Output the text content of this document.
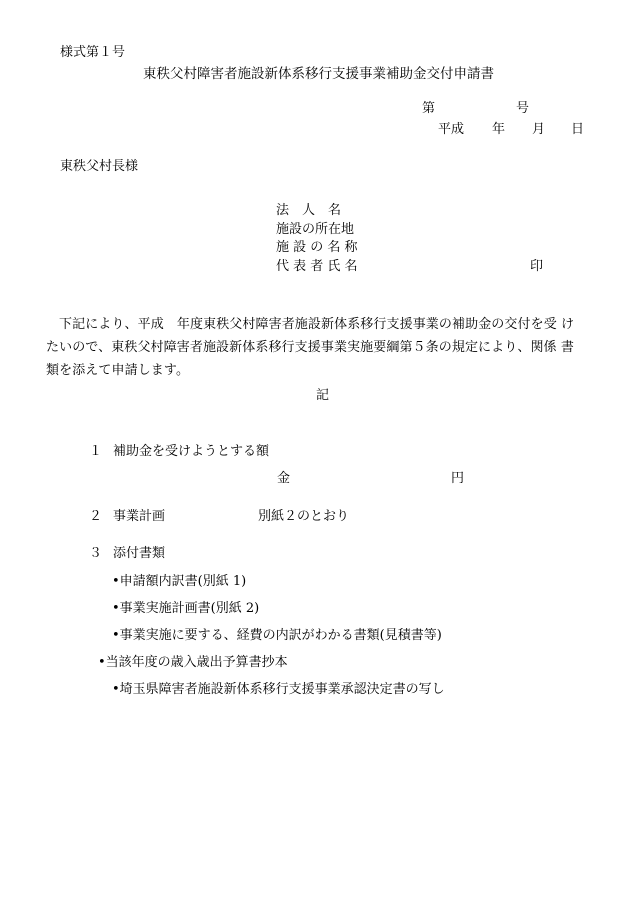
様式第１号
東秩父村障害者施設新体系移行支援事業補助金交付申請書
第	号
平成 年 月 日
東秩父村長様
法　人　名
施設の所在地
施 設 の 名 称
代 表 者 氏 名	印
下記により、平成　年度東秩父村障害者施設新体系移行支援事業の補助金の交付を受 けたいので、東秩父村障害者施設新体系移行支援事業実施要綱第５条の規定により、関係 書類を添えて申請します。
記
１ 補助金を受けようとする額
金	円
２ 事業計画	別紙２のとおり
３ 添付書類
•申請額内訳書(別紙 1)
•事業実施計画書(別紙 2)
•事業実施に要する、経費の内訳がわかる書類(見積書等)
•当該年度の歳入歳出予算書抄本
•埼玉県障害者施設新体系移行支援事業承認決定書の写し
